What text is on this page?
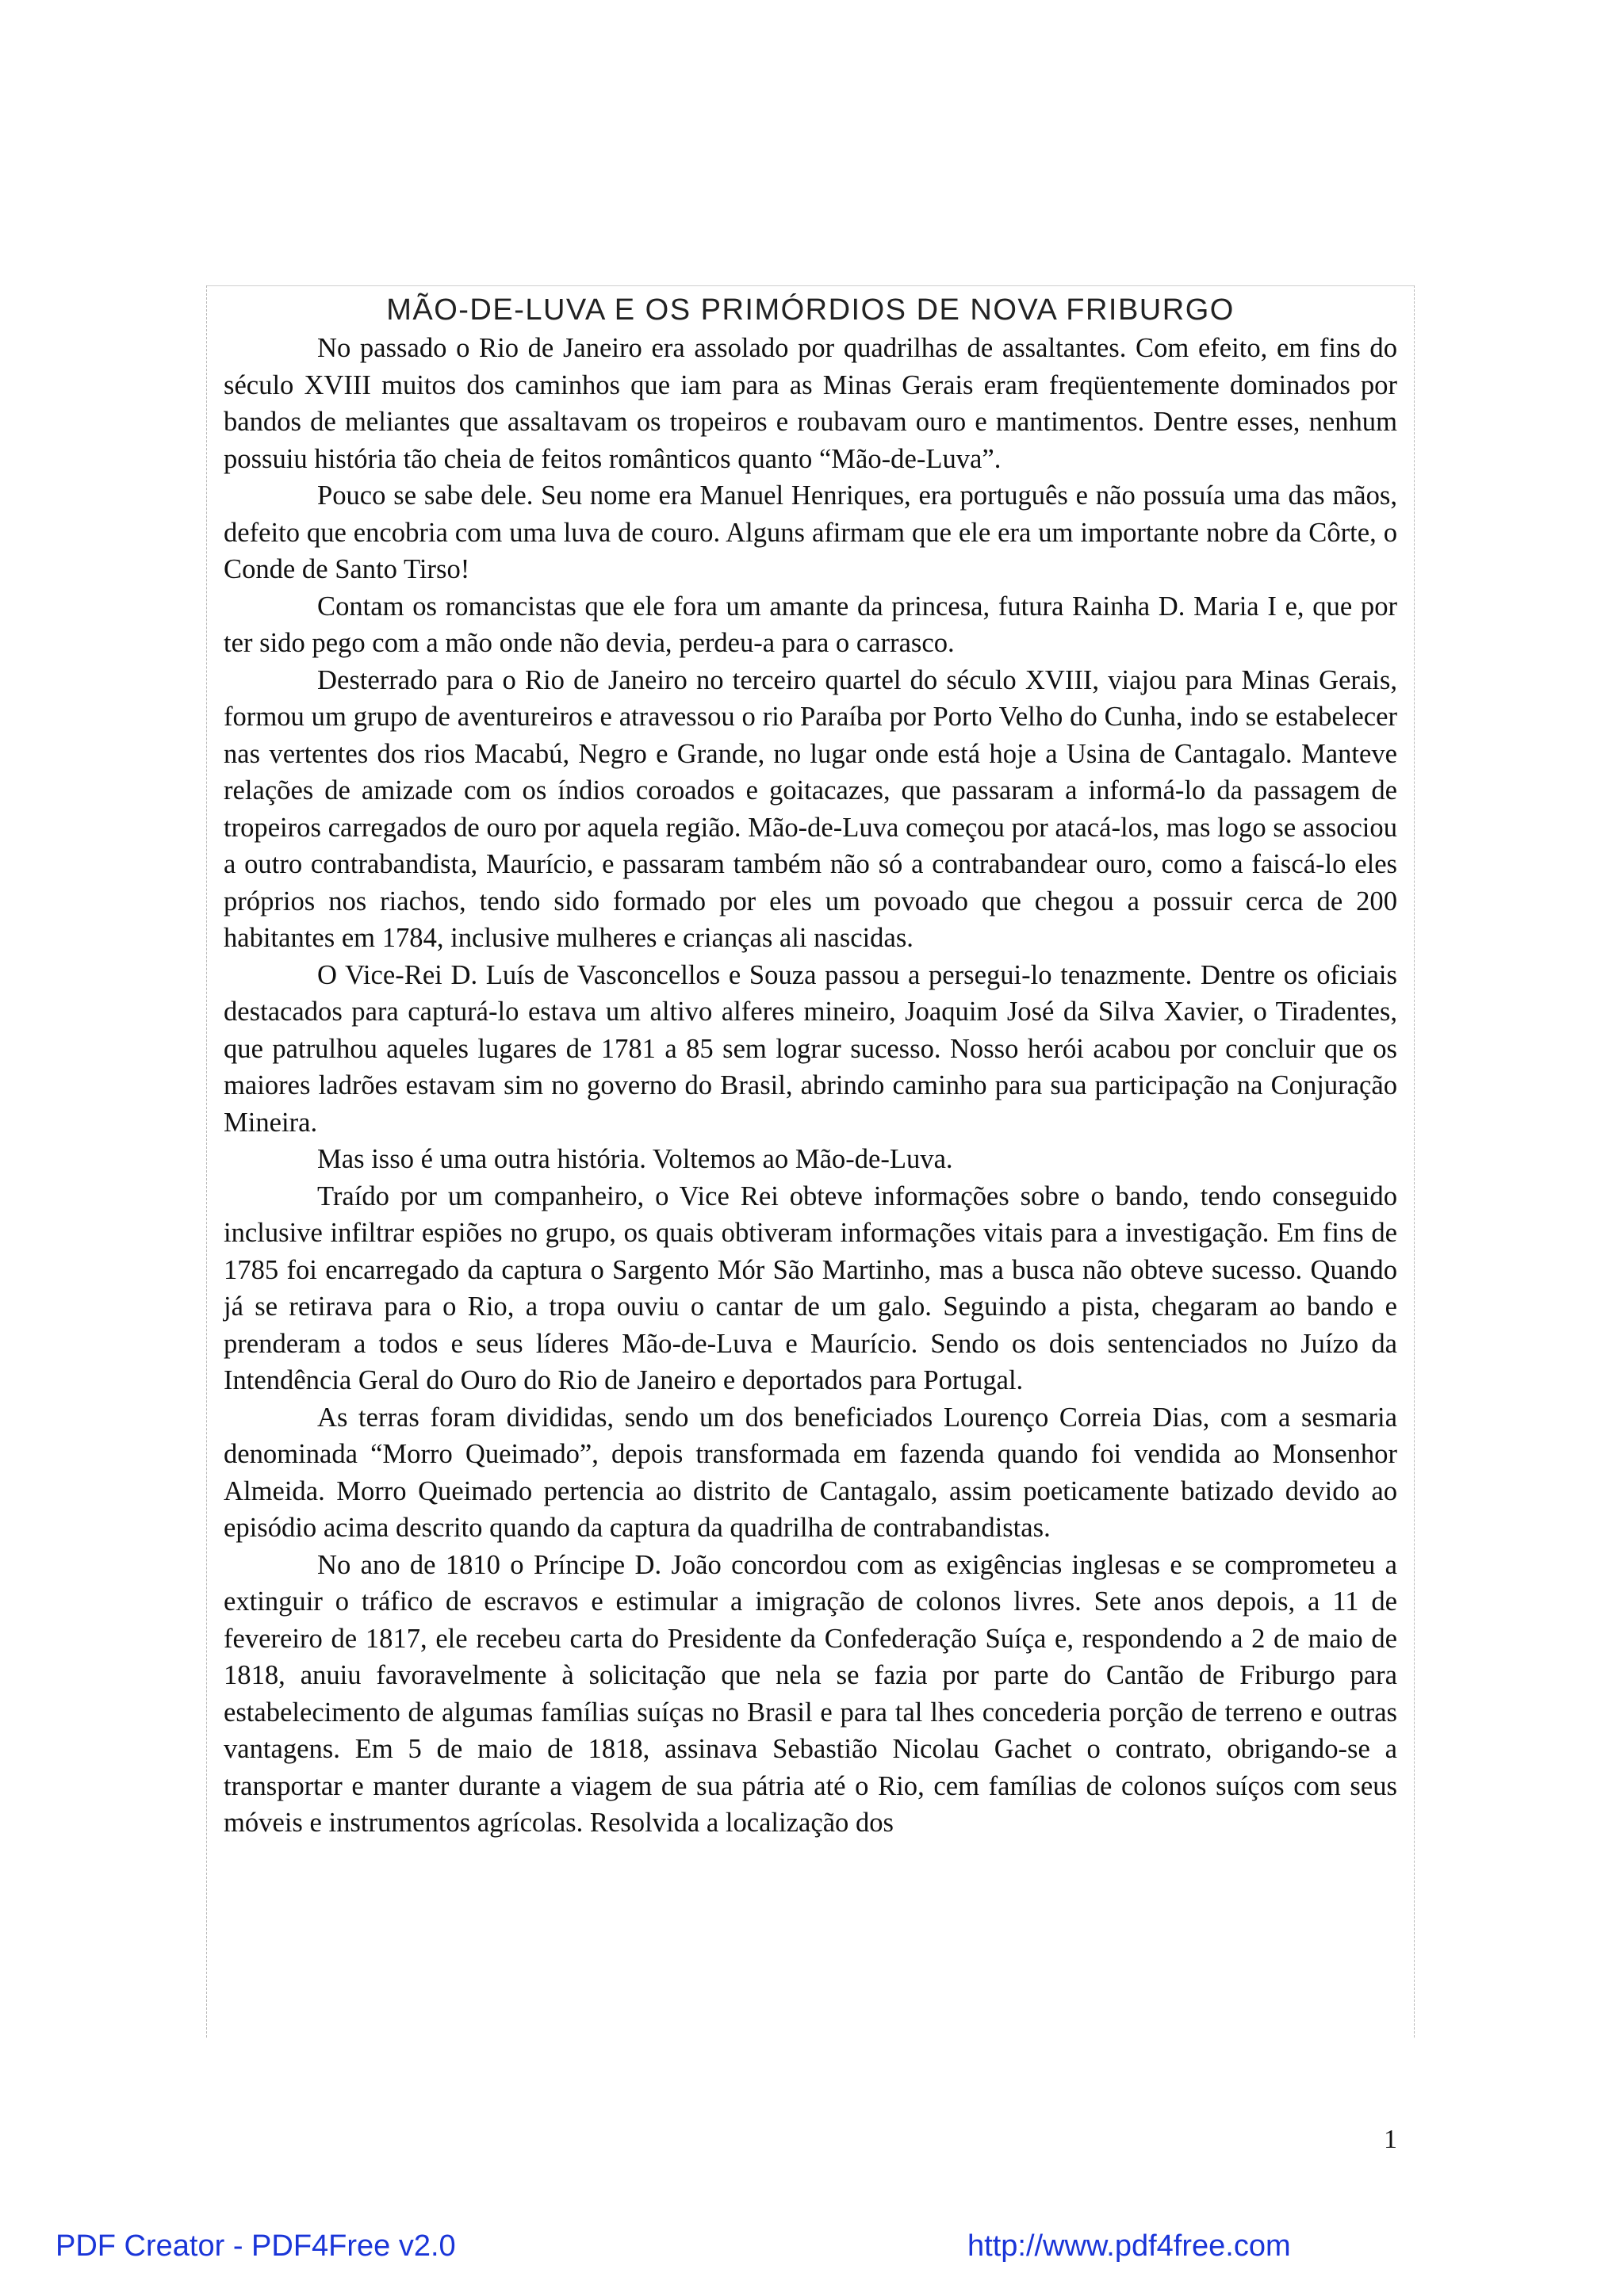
MÃO-DE-LUVA E OS PRIMÓRDIOS DE NOVA FRIBURGO

No passado o Rio de Janeiro era assolado por quadrilhas de assaltantes. Com efeito, em fins do século XVIII muitos dos caminhos que iam para as Minas Gerais eram freqüentemente dominados por bandos de meliantes que assaltavam os tropeiros e roubavam ouro e mantimentos. Dentre esses, nenhum possuiu história tão cheia de feitos românticos quanto “Mão-de-Luva”.

Pouco se sabe dele. Seu nome era Manuel Henriques, era português e não possuía uma das mãos, defeito que encobria com uma luva de couro. Alguns afirmam que ele era um importante nobre da Côrte, o Conde de Santo Tirso!

Contam os romancistas que ele fora um amante da princesa, futura Rainha D. Maria I e, que por ter sido pego com a mão onde não devia, perdeu-a para o carrasco.

Desterrado para o Rio de Janeiro no terceiro quartel do século XVIII, viajou para Minas Gerais, formou um grupo de aventureiros e atravessou o rio Paraíba por Porto Velho do Cunha, indo se estabelecer nas vertentes dos rios Macabú, Negro e Grande, no lugar onde está hoje a Usina de Cantagalo. Manteve relações de amizade com os índios coroados e goitacazes, que passaram a informá-lo da passagem de tropeiros carregados de ouro por aquela região. Mão-de-Luva começou por atacá-los, mas logo se associou a outro contrabandista, Maurício, e passaram também não só a contrabandear ouro, como a faiscá-lo eles próprios nos riachos, tendo sido formado por eles um povoado que chegou a possuir cerca de 200 habitantes em 1784, inclusive mulheres e crianças ali nascidas.

O Vice-Rei D. Luís de Vasconcellos e Souza passou a persegui-lo tenazmente. Dentre os oficiais destacados para capturá-lo estava um altivo alferes mineiro, Joaquim José da Silva Xavier, o Tiradentes, que patrulhou aqueles lugares de 1781 a 85 sem lograr sucesso. Nosso herói acabou por concluir que os maiores ladrões estavam sim no governo do Brasil, abrindo caminho para sua participação na Conjuração Mineira.

Mas isso é uma outra história. Voltemos ao Mão-de-Luva.

Traído por um companheiro, o Vice Rei obteve informações sobre o bando, tendo conseguido inclusive infiltrar espiões no grupo, os quais obtiveram informações vitais para a investigação. Em fins de 1785 foi encarregado da captura o Sargento Mór São Martinho, mas a busca não obteve sucesso. Quando já se retirava para o Rio, a tropa ouviu o cantar de um galo. Seguindo a pista, chegaram ao bando e prenderam a todos e seus líderes Mão-de-Luva e Maurício. Sendo os dois sentenciados no Juízo da Intendência Geral do Ouro do Rio de Janeiro e deportados para Portugal.

As terras foram divididas, sendo um dos beneficiados Lourenço Correia Dias, com a sesmaria denominada “Morro Queimado”, depois transformada em fazenda quando foi vendida ao Monsenhor Almeida. Morro Queimado pertencia ao distrito de Cantagalo, assim poeticamente batizado devido ao episódio acima descrito quando da captura da quadrilha de contrabandistas.

No ano de 1810 o Príncipe D. João concordou com as exigências inglesas e se comprometeu a extinguir o tráfico de escravos e estimular a imigração de colonos livres. Sete anos depois, a 11 de fevereiro de 1817, ele recebeu carta do Presidente da Confederação Suíça e, respondendo a 2 de maio de 1818, anuiu favoravelmente à solicitação que nela se fazia por parte do Cantão de Friburgo para estabelecimento de algumas famílias suíças no Brasil e para tal lhes concederia porção de terreno e outras vantagens. Em 5 de maio de 1818, assinava Sebastião Nicolau Gachet o contrato, obrigando-se a transportar e manter durante a viagem de sua pátria até o Rio, cem famílias de colonos suíços com seus móveis e instrumentos agrícolas. Resolvida a localização dos

1
PDF Creator - PDF4Free v2.0	http://www.pdf4free.com
